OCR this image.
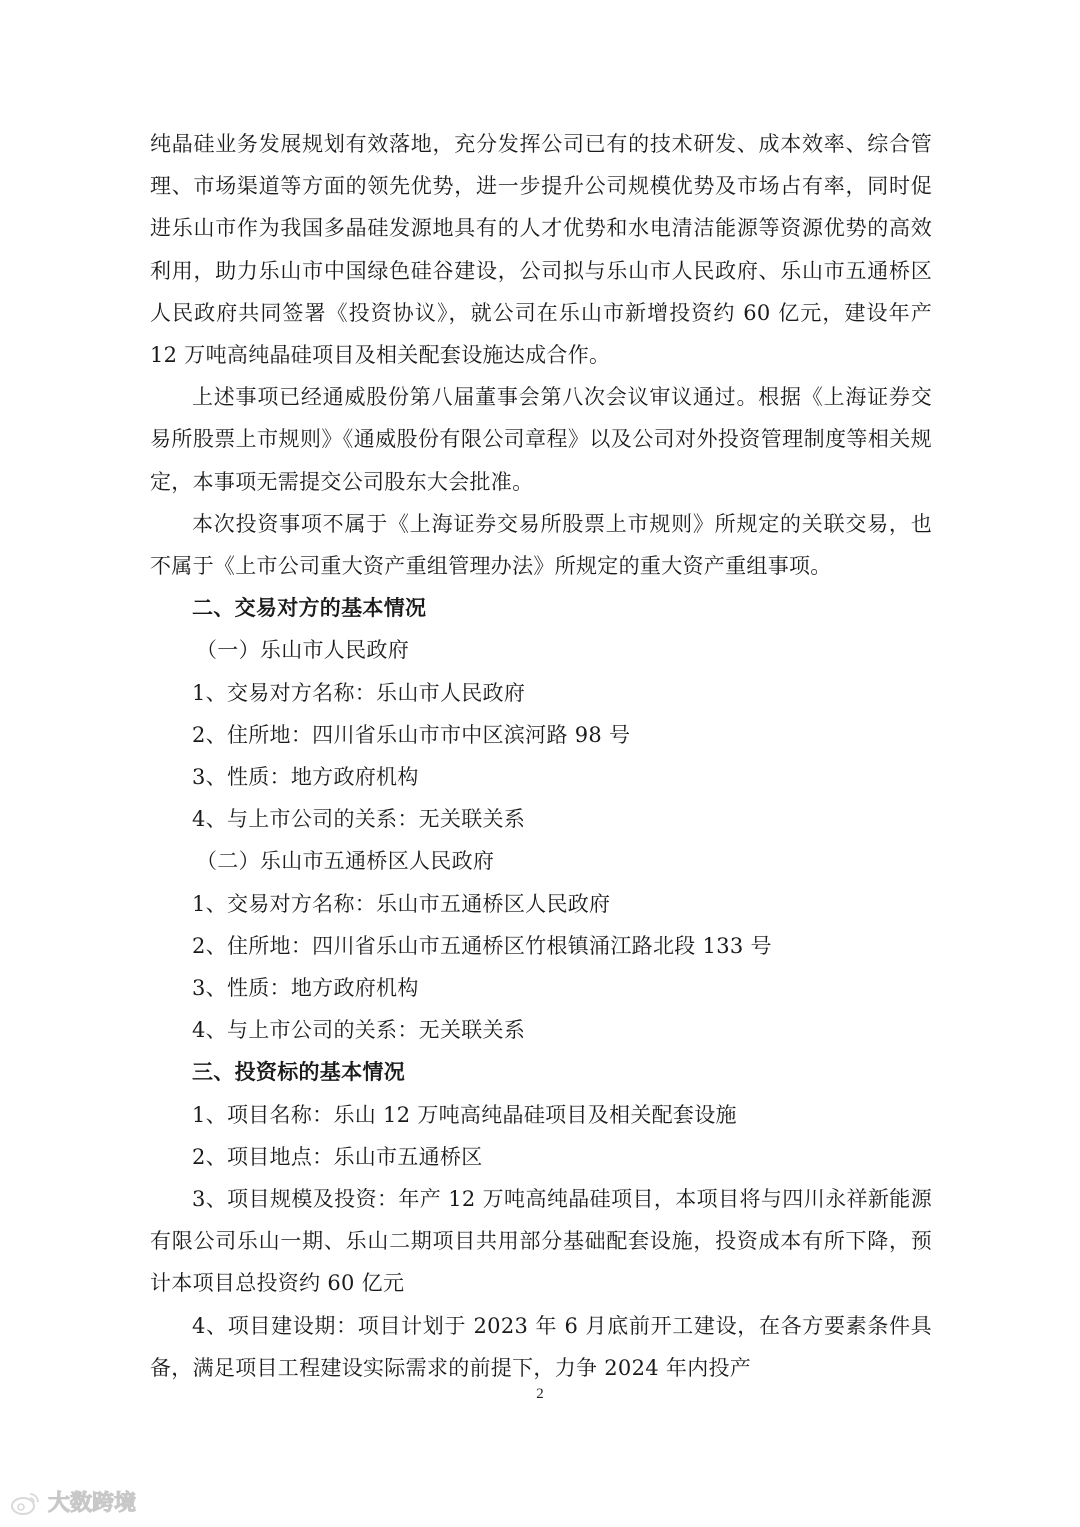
纯晶硅业务发展规划有效落地，充分发挥公司已有的技术研发、成本效率、综合管理、市场渠道等方面的领先优势，进一步提升公司规模优势及市场占有率，同时促进乐山市作为我国多晶硅发源地具有的人才优势和水电清洁能源等资源优势的高效利用，助力乐山市中国绿色硅谷建设，公司拟与乐山市人民政府、乐山市五通桥区人民政府共同签署《投资协议》，就公司在乐山市新增投资约 60 亿元，建设年产 12 万吨高纯晶硅项目及相关配套设施达成合作。

上述事项已经通威股份第八届董事会第八次会议审议通过。根据《上海证券交易所股票上市规则》《通威股份有限公司章程》以及公司对外投资管理制度等相关规定，本事项无需提交公司股东大会批准。

本次投资事项不属于《上海证券交易所股票上市规则》所规定的关联交易，也不属于《上市公司重大资产重组管理办法》所规定的重大资产重组事项。

二、交易对方的基本情况

（一）乐山市人民政府

1、交易对方名称：乐山市人民政府

2、住所地：四川省乐山市市中区滨河路 98 号

3、性质：地方政府机构

4、与上市公司的关系：无关联关系

（二）乐山市五通桥区人民政府

1、交易对方名称：乐山市五通桥区人民政府

2、住所地：四川省乐山市五通桥区竹根镇涌江路北段 133 号

3、性质：地方政府机构

4、与上市公司的关系：无关联关系

三、投资标的基本情况

1、项目名称：乐山 12 万吨高纯晶硅项目及相关配套设施

2、项目地点：乐山市五通桥区

3、项目规模及投资：年产 12 万吨高纯晶硅项目，本项目将与四川永祥新能源有限公司乐山一期、乐山二期项目共用部分基础配套设施，投资成本有所下降，预计本项目总投资约 60 亿元

4、项目建设期：项目计划于 2023 年 6 月底前开工建设，在各方要素条件具备，满足项目工程建设实际需求的前提下，力争 2024 年内投产

2
大数跨境
